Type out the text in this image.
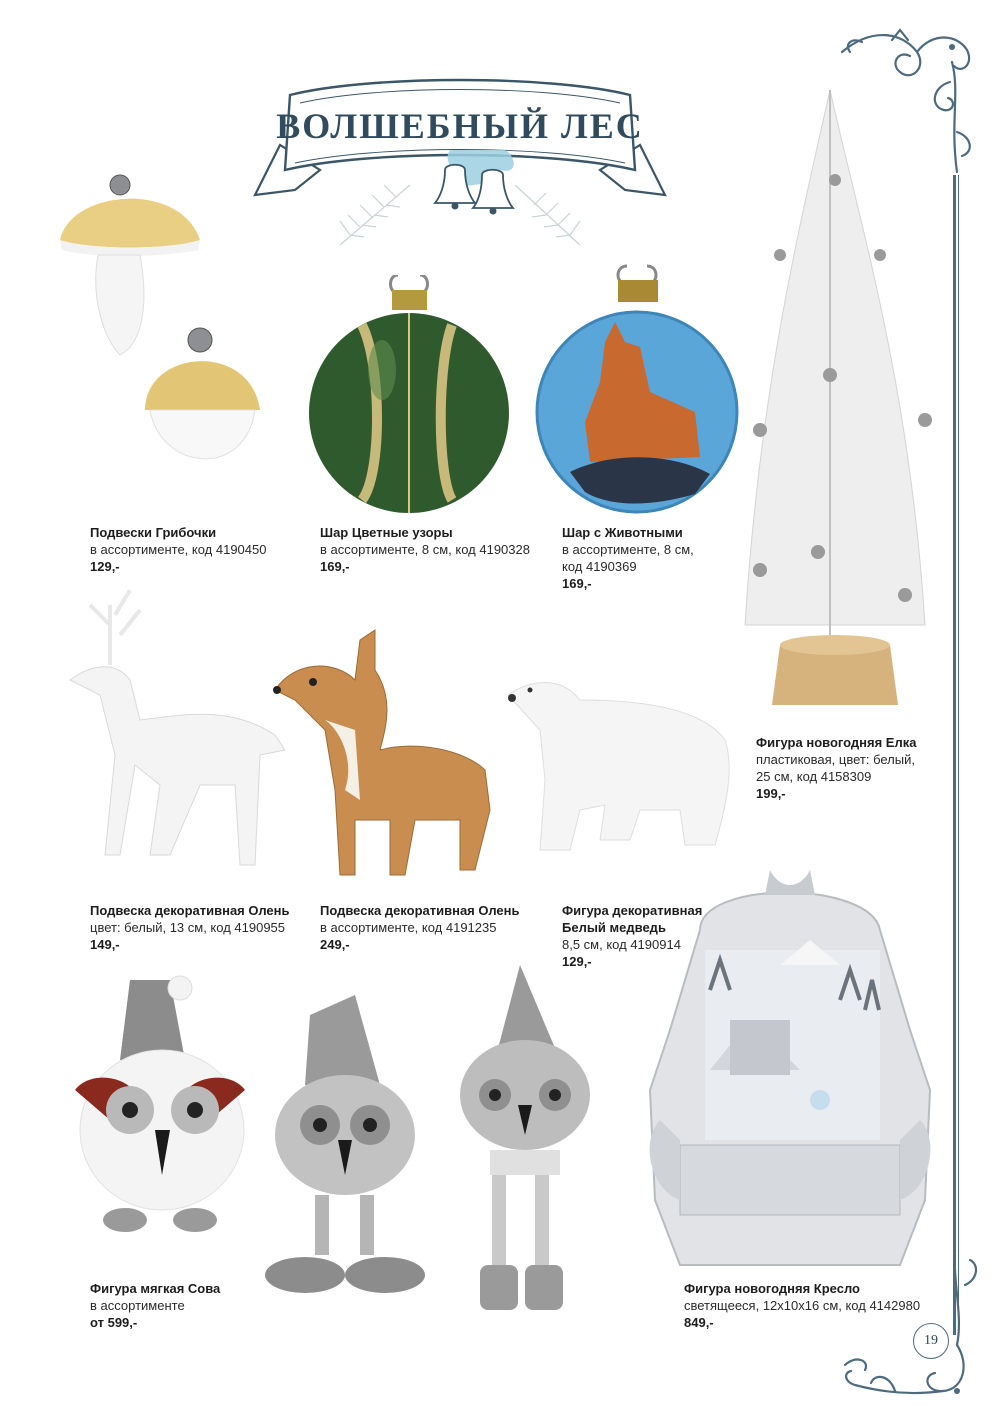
ВОЛШЕБНЫЙ ЛЕС
Подвески Грибочки
в ассортименте, код 4190450
129,-
Шар Цветные узоры
в ассортименте, 8 см, код 4190328
169,-
Шар с Животными
в ассортименте, 8 см,
код 4190369
169,-
Фигура новогодняя Елка
пластиковая, цвет: белый,
25 см, код 4158309
199,-
Подвеска декоративная Олень
цвет: белый, 13 см, код 4190955
149,-
Подвеска декоративная Олень
в ассортименте, код 4191235
249,-
Фигура декоративная
Белый медведь
8,5 см, код 4190914
129,-
Фигура мягкая Сова
в ассортименте
от 599,-
Фигура новогодняя Кресло
светящееся, 12x10x16 см, код 4142980
849,-
19
